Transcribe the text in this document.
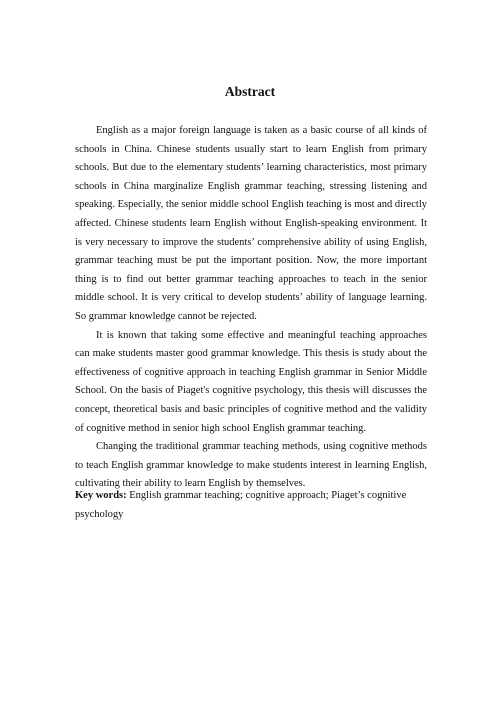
Abstract

English as a major foreign language is taken as a basic course of all kinds of schools in China. Chinese students usually start to learn English from primary schools. But due to the elementary students’ learning characteristics, most primary schools in China marginalize English grammar teaching, stressing listening and speaking. Especially, the senior middle school English teaching is most and directly affected. Chinese students learn English without English-speaking environment. It is very necessary to improve the students’ comprehensive ability of using English, grammar teaching must be put the important position. Now, the more important thing is to find out better grammar teaching approaches to teach in the senior middle school. It is very critical to develop students’ ability of language learning. So grammar knowledge cannot be rejected.

It is known that taking some effective and meaningful teaching approaches can make students master good grammar knowledge. This thesis is study about the effectiveness of cognitive approach in teaching English grammar in Senior Middle School. On the basis of Piaget's cognitive psychology, this thesis will discusses the concept, theoretical basis and basic principles of cognitive method and the validity of cognitive method in senior high school English grammar teaching.

Changing the traditional grammar teaching methods, using cognitive methods to teach English grammar knowledge to make students interest in learning English, cultivating their ability to learn English by themselves.

Key words: English grammar teaching; cognitive approach; Piaget’s cognitive psychology
